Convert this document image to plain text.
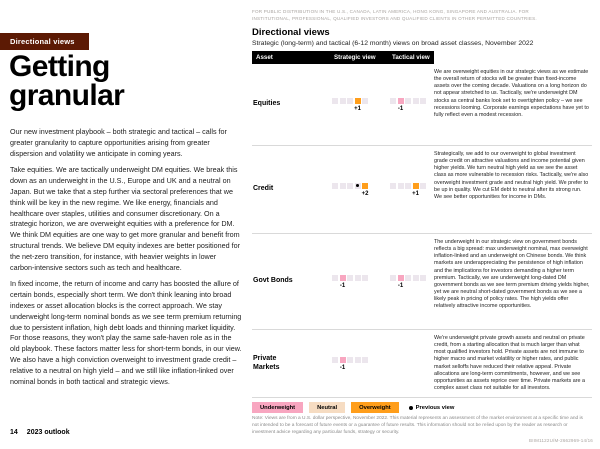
Directional views
Getting granular

Our new investment playbook – both strategic and tactical – calls for greater granularity to capture opportunities arising from greater dispersion and volatility we anticipate in coming years.

Take equities. We are tactically underweight DM equities. We break this down as an underweight in the U.S., Europe and UK and a neutral on Japan. But we take that a step further via sectoral preferences that we think will be key in the new regime. We like energy, financials and healthcare over staples, utilities and consumer discretionary. On a strategic horizon, we are overweight equities with a preference for DM. We think DM equities are one way to get more granular and benefit from structural trends. We believe DM equity indexes are better positioned for the net-zero transition, for instance, with heavier weights in lower carbon-intensive sectors such as tech and healthcare.

In fixed income, the return of income and carry has boosted the allure of certain bonds, especially short term. We don't think leaning into broad indexes or asset allocation blocks is the correct approach. We stay underweight long-term nominal bonds as we see term premium returning due to persistent inflation, high debt loads and thinning market liquidity. For those reasons, they won't play the same safe-haven role as in the old playbook. These factors matter less for short-term bonds, in our view. We also have a high conviction overweight to investment grade credit – relative to a neutral on high yield – and we still like inflation-linked over nominal bonds in both tactical and strategic views.

14 2023 outlook
FOR PUBLIC DISTRIBUTION IN THE U.S., CANADA, LATIN AMERICA, HONG KONG, SINGAPORE AND AUSTRALIA. FOR INSTITUTIONAL, PROFESSIONAL, QUALIFIED INVESTORS AND QUALIFIED CLIENTS IN OTHER PERMITTED COUNTRIES.
Directional views
Strategic (long-term) and tactical (6-12 month) views on broad asset classes, November 2022
Asset	Strategic view	Tactical view
Equities
+1	-1
We are overweight equities in our strategic views as we estimate the overall return of stocks will be greater than fixed-income assets over the coming decade. Valuations on a long horizon do not appear stretched to us. Tactically, we're underweight DM stocks as central banks look set to overtighten policy – we see recessions looming. Corporate earnings expectations have yet to fully reflect even a modest recession.
Credit
+2	+1
Strategically, we add to our overweight to global investment grade credit on attractive valuations and income potential given higher yields. We turn neutral high yield as we see the asset class as more vulnerable to recession risks. Tactically, we're also overweight investment grade and neutral high yield. We prefer to be up in quality. We cut EM debt to neutral after its strong run. We see better opportunities for income in DMs.
Govt Bonds
-1	-1
The underweight in our strategic view on government bonds reflects a big spread: max underweight nominal, max overweight inflation-linked and an underweight on Chinese bonds. We think markets are underappreciating the persistence of high inflation and the implications for investors demanding a higher term premium. Tactically, we are underweight long-dated DM government bonds as we see term premium driving yields higher, yet we are neutral short-dated government bonds as we see a likely peak in pricing of policy rates. The high yields offer relatively attractive income opportunities.
Private Markets	-1
We're underweight private growth assets and neutral on private credit, from a starting allocation that is much larger than what most qualified investors hold. Private assets are not immune to higher macro and market volatility or higher rates, and public market selloffs have reduced their relative appeal. Private allocations are long-term commitments, however, and we see opportunities as assets reprice over time. Private markets are a complex asset class not suitable for all investors.
Underweight	Neutral	Overweight	Previous view
Note: Views are from a U.S. dollar perspective, November 2022. This material represents an assessment of the market environment at a specific time and is not intended to be a forecast of future events or a guarantee of future results. This information should not be relied upon by the reader as research or investment advice regarding any particular funds, strategy or security.
BIIM1122U/M-2662969-14/16
